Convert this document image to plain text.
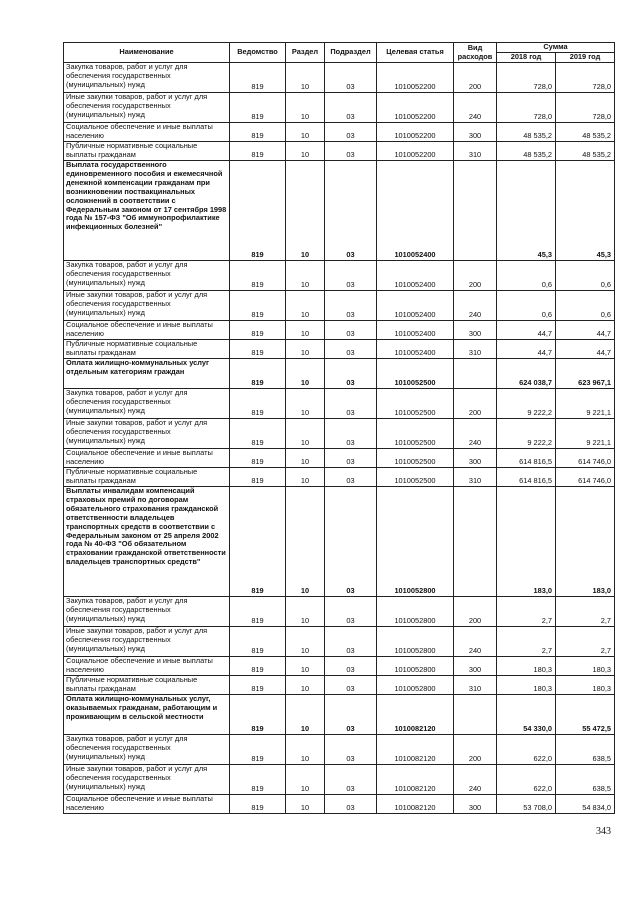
Наименование	Ведомство	Раздел	Подраздел	Целевая статья	Вид расходов	Сумма	
						2018 год	2019 год
Закупка товаров, работ и услуг для обеспечения государственных (муниципальных) нужд	819	10	03	1010052200	200	728,0	728,0
Иные закупки товаров, работ и услуг для обеспечения государственных (муниципальных) нужд	819	10	03	1010052200	240	728,0	728,0
Социальное обеспечение и иные выплаты населению	819	10	03	1010052200	300	48 535,2	48 535,2
Публичные нормативные социальные выплаты гражданам	819	10	03	1010052200	310	48 535,2	48 535,2
Выплата государственного единовременного пособия и ежемесячной денежной компенсации гражданам при возникновении поствакцинальных осложнений в соответствии с Федеральным законом от 17 сентября 1998 года № 157-ФЗ "Об иммунопрофилактике инфекционных болезней"	819	10	03	1010052400		45,3	45,3
Закупка товаров, работ и услуг для обеспечения государственных (муниципальных) нужд	819	10	03	1010052400	200	0,6	0,6
Иные закупки товаров, работ и услуг для обеспечения государственных (муниципальных) нужд	819	10	03	1010052400	240	0,6	0,6
Социальное обеспечение и иные выплаты населению	819	10	03	1010052400	300	44,7	44,7
Публичные нормативные социальные выплаты гражданам	819	10	03	1010052400	310	44,7	44,7
Оплата жилищно-коммунальных услуг отдельным категориям граждан	819	10	03	1010052500		624 038,7	623 967,1
Закупка товаров, работ и услуг для обеспечения государственных (муниципальных) нужд	819	10	03	1010052500	200	9 222,2	9 221,1
Иные закупки товаров, работ и услуг для обеспечения государственных (муниципальных) нужд	819	10	03	1010052500	240	9 222,2	9 221,1
Социальное обеспечение и иные выплаты населению	819	10	03	1010052500	300	614 816,5	614 746,0
Публичные нормативные социальные выплаты гражданам	819	10	03	1010052500	310	614 816,5	614 746,0
Выплаты инвалидам компенсаций страховых премий по договорам обязательного страхования гражданской ответственности владельцев транспортных средств в соответствии с Федеральным законом от 25 апреля 2002 года № 40-ФЗ "Об обязательном страховании гражданской ответственности владельцев транспортных средств"	819	10	03	1010052800		183,0	183,0
Закупка товаров, работ и услуг для обеспечения государственных (муниципальных) нужд	819	10	03	1010052800	200	2,7	2,7
Иные закупки товаров, работ и услуг для обеспечения государственных (муниципальных) нужд	819	10	03	1010052800	240	2,7	2,7
Социальное обеспечение и иные выплаты населению	819	10	03	1010052800	300	180,3	180,3
Публичные нормативные социальные выплаты гражданам	819	10	03	1010052800	310	180,3	180,3
Оплата жилищно-коммунальных услуг, оказываемых гражданам, работающим и проживающим в сельской местности	819	10	03	1010082120		54 330,0	55 472,5
Закупка товаров, работ и услуг для обеспечения государственных (муниципальных) нужд	819	10	03	1010082120	200	622,0	638,5
Иные закупки товаров, работ и услуг для обеспечения государственных (муниципальных) нужд	819	10	03	1010082120	240	622,0	638,5
Социальное обеспечение и иные выплаты населению	819	10	03	1010082120	300	53 708,0	54 834,0
343
